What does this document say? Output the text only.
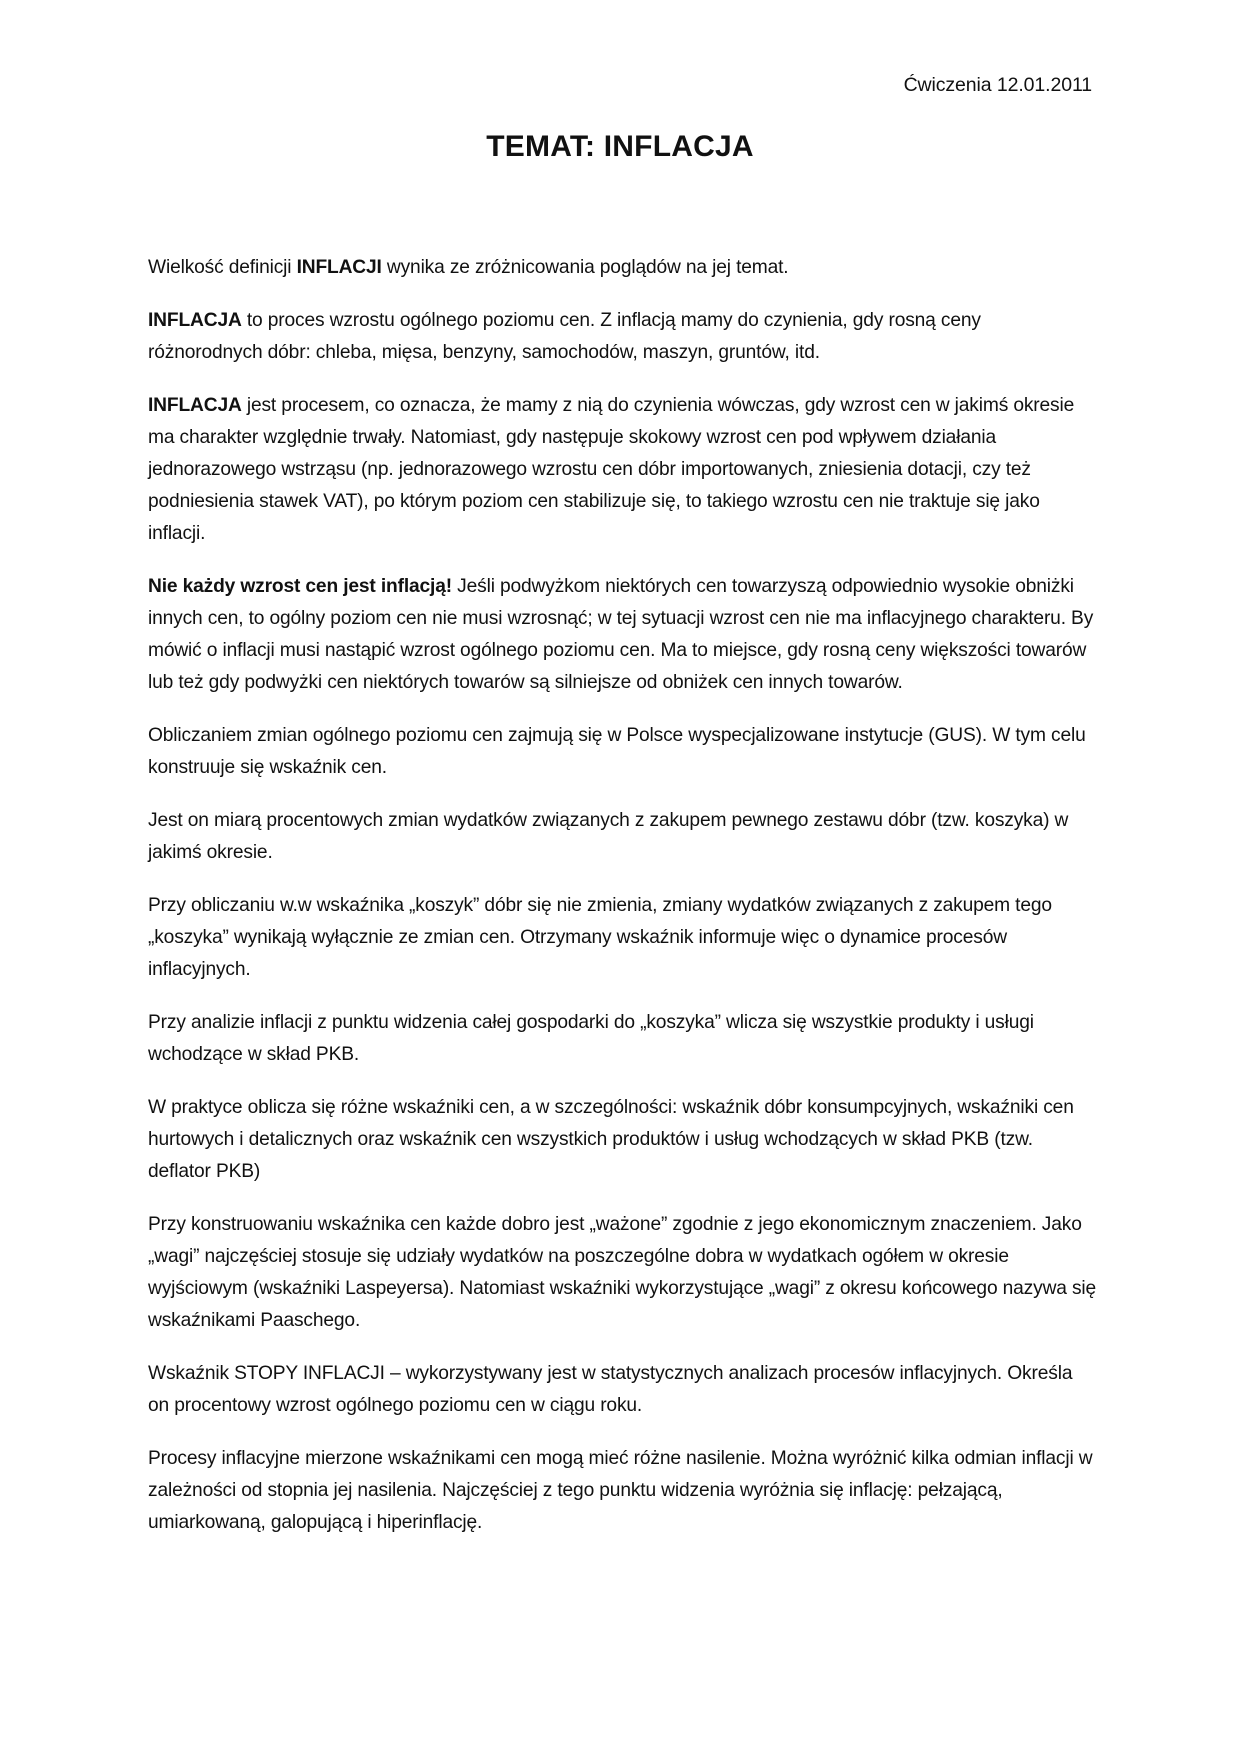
Ćwiczenia 12.01.2011
TEMAT: INFLACJA

Wielkość definicji INFLACJI wynika ze zróżnicowania poglądów na jej temat.

INFLACJA to proces wzrostu ogólnego poziomu cen. Z inflacją mamy do czynienia, gdy rosną ceny różnorodnych dóbr: chleba, mięsa, benzyny, samochodów, maszyn, gruntów, itd.

INFLACJA jest procesem, co oznacza, że mamy z nią do czynienia wówczas, gdy wzrost cen w jakimś okresie ma charakter względnie trwały. Natomiast, gdy następuje skokowy wzrost cen pod wpływem działania jednorazowego wstrząsu (np. jednorazowego wzrostu cen dóbr importowanych, zniesienia dotacji, czy też podniesienia stawek VAT), po którym poziom cen stabilizuje się, to takiego wzrostu cen nie traktuje się jako inflacji.

Nie każdy wzrost cen jest inflacją! Jeśli podwyżkom niektórych cen towarzyszą odpowiednio wysokie obniżki innych cen, to ogólny poziom cen nie musi wzrosnąć; w tej sytuacji wzrost cen nie ma inflacyjnego charakteru. By mówić o inflacji musi nastąpić wzrost ogólnego poziomu cen. Ma to miejsce, gdy rosną ceny większości towarów lub też gdy podwyżki cen niektórych towarów są silniejsze od obniżek cen innych towarów.

Obliczaniem zmian ogólnego poziomu cen zajmują się w Polsce wyspecjalizowane instytucje (GUS). W tym celu konstruuje się wskaźnik cen.

Jest on miarą procentowych zmian wydatków związanych z zakupem pewnego zestawu dóbr (tzw. koszyka) w jakimś okresie.

Przy obliczaniu w.w wskaźnika „koszyk” dóbr się nie zmienia, zmiany wydatków związanych z zakupem tego „koszyka” wynikają wyłącznie ze zmian cen. Otrzymany wskaźnik informuje więc o dynamice procesów inflacyjnych.

Przy analizie inflacji z punktu widzenia całej gospodarki do „koszyka” wlicza się wszystkie produkty i usługi wchodzące w skład PKB.

W praktyce oblicza się różne wskaźniki cen, a w szczególności: wskaźnik dóbr konsumpcyjnych, wskaźniki cen hurtowych i detalicznych oraz wskaźnik cen wszystkich produktów i usług wchodzących w skład PKB (tzw. deflator PKB)

Przy konstruowaniu wskaźnika cen każde dobro jest „ważone” zgodnie z jego ekonomicznym znaczeniem. Jako „wagi” najczęściej stosuje się udziały wydatków na poszczególne dobra w wydatkach ogółem w okresie wyjściowym (wskaźniki Laspeyersa). Natomiast wskaźniki wykorzystujące „wagi” z okresu końcowego nazywa się wskaźnikami Paaschego.

Wskaźnik STOPY INFLACJI – wykorzystywany jest w statystycznych analizach procesów inflacyjnych. Określa on procentowy wzrost ogólnego poziomu cen w ciągu roku.

Procesy inflacyjne mierzone wskaźnikami cen mogą mieć różne nasilenie. Można wyróżnić kilka odmian inflacji w zależności od stopnia jej nasilenia. Najczęściej z tego punktu widzenia wyróżnia się inflację: pełzającą, umiarkowaną, galopującą i hiperinflację.
